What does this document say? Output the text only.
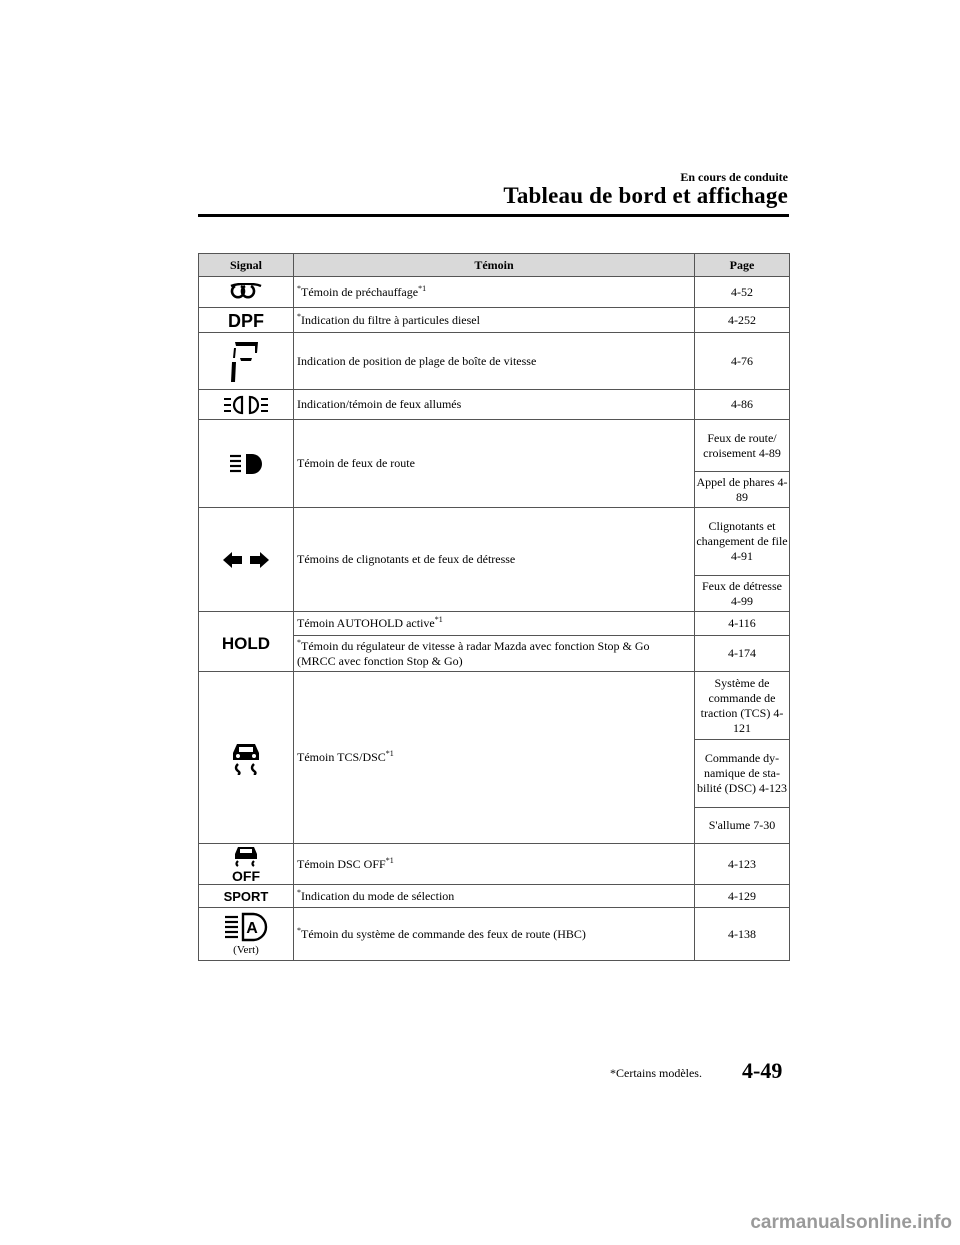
En cours de conduite
Tableau de bord et affichage
Signal	Témoin	Page
	*Témoin de préchauffage$^{*1}$	4-52

DPF	*Indication du filtre à particules diesel	4-252
	Indication de position de plage de boîte de vitesse	4-76
	Indication/témoin de feux allumés	4-86
	Témoin de feux de route	Feux de route/ croisement 4-89
		Appel de phares 4-89
	Témoins de clignotants et de feux de détresse	Clignotants et changement de file 4-91
		Feux de détresse 4-99

HOLD	Témoin AUTOHOLD active$^{*1}$	4-116
	*Témoin du régulateur de vitesse à radar Mazda avec fonction Stop & Go (MRCC avec fonction Stop & Go)	4-174
	Témoin TCS/DSC$^{*1}$	Système de commande de traction (TCS) 4-121
		Commande dy-namique de sta-bilité (DSC) 4-123
		S'allume 7-30

OFF	Témoin DSC OFF$^{*1}$	4-123

SPORT	*Indication du mode de sélection	4-129

A
(Vert)	*Témoin du système de commande des feux de route (HBC)	4-138
*Certains modèles. 4-49
carmanualsonline.info
